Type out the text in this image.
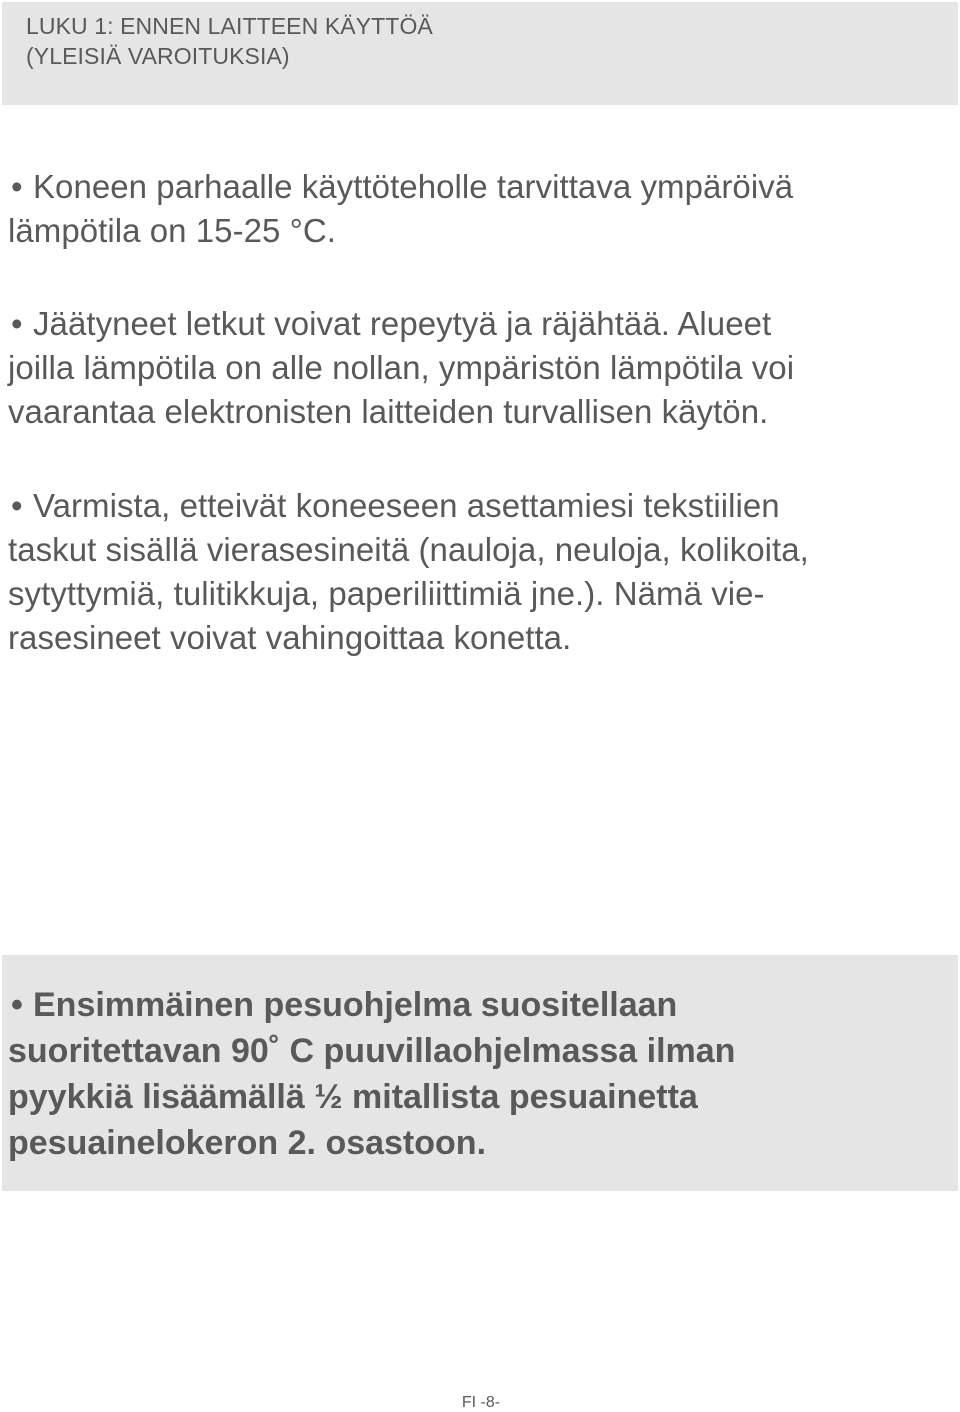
LUKU 1: ENNEN LAITTEEN KÄYTTÖÄ
(YLEISIÄ VAROITUKSIA)

• Koneen parhaalle käyttöteholle tarvittava ympäröivä
lämpötila on 15-25 °C.

• Jäätyneet letkut voivat repeytyä ja räjähtää. Alueet
joilla lämpötila on alle nollan, ympäristön lämpötila voi
vaarantaa elektronisten laitteiden turvallisen käytön.

• Varmista, etteivät koneeseen asettamiesi tekstiilien
taskut sisällä vierasesineitä (nauloja, neuloja, kolikoita,
sytyttymiä, tulitikkuja, paperiliittimiä jne.). Nämä vie-
rasesineet voivat vahingoittaa konetta.

• Ensimmäinen pesuohjelma suositellaan
suoritettavan 90˚ C puuvillaohjelmassa ilman
pyykkiä lisäämällä ½ mitallista pesuainetta
pesuainelokeron 2. osastoon.

FI -8-
